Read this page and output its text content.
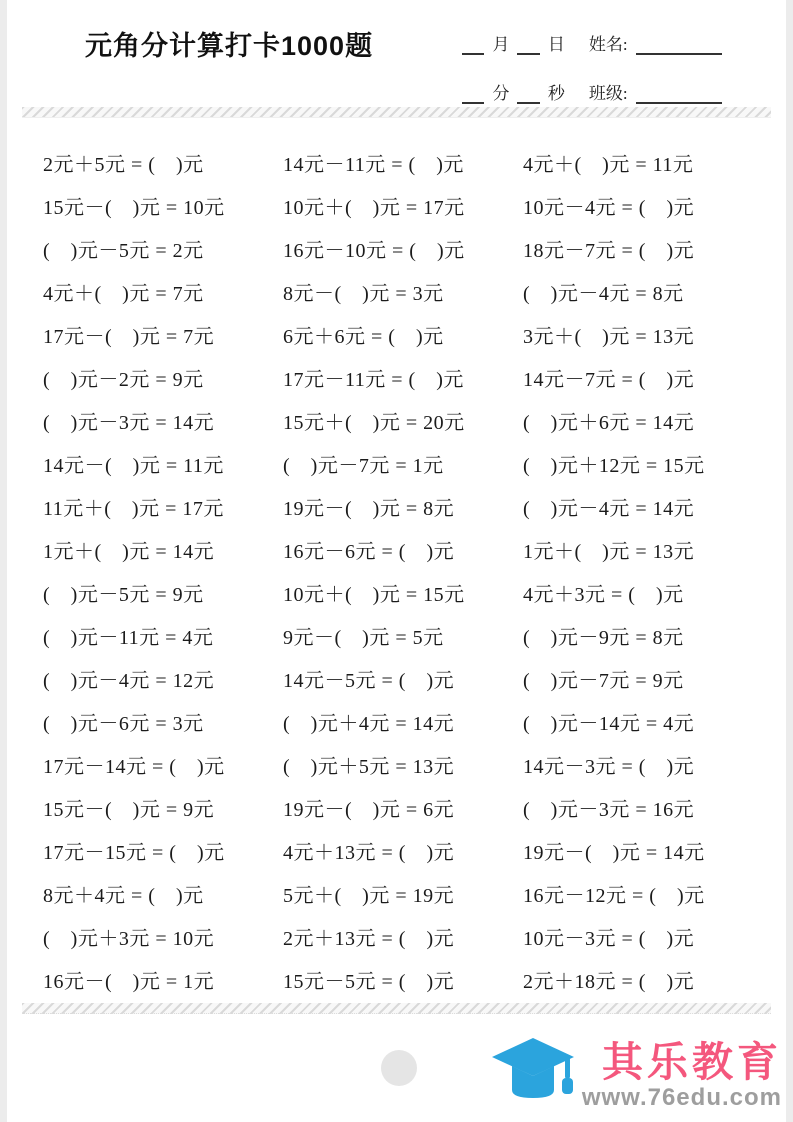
元角分计算打卡1000题	月 日 姓名:
分 秒 班级:
2元＋5元 = (　)元
15元－(　)元 = 10元
(　)元－5元 = 2元
4元＋(　)元 = 7元
17元－(　)元 = 7元
(　)元－2元 = 9元
(　)元－3元 = 14元
14元－(　)元 = 11元
11元＋(　)元 = 17元
1元＋(　)元 = 14元
(　)元－5元 = 9元
(　)元－11元 = 4元
(　)元－4元 = 12元
(　)元－6元 = 3元
17元－14元 = (　)元
15元－(　)元 = 9元
17元－15元 = (　)元
8元＋4元 = (　)元
(　)元＋3元 = 10元
16元－(　)元 = 1元
14元－11元 = (　)元
10元＋(　)元 = 17元
16元－10元 = (　)元
8元－(　)元 = 3元
6元＋6元 = (　)元
17元－11元 = (　)元
15元＋(　)元 = 20元
(　)元－7元 = 1元
19元－(　)元 = 8元
16元－6元 = (　)元
10元＋(　)元 = 15元
9元－(　)元 = 5元
14元－5元 = (　)元
(　)元＋4元 = 14元
(　)元＋5元 = 13元
19元－(　)元 = 6元
4元＋13元 = (　)元
5元＋(　)元 = 19元
2元＋13元 = (　)元
15元－5元 = (　)元
4元＋(　)元 = 11元
10元－4元 = (　)元
18元－7元 = (　)元
(　)元－4元 = 8元
3元＋(　)元 = 13元
14元－7元 = (　)元
(　)元＋6元 = 14元
(　)元＋12元 = 15元
(　)元－4元 = 14元
1元＋(　)元 = 13元
4元＋3元 = (　)元
(　)元－9元 = 8元
(　)元－7元 = 9元
(　)元－14元 = 4元
14元－3元 = (　)元
(　)元－3元 = 16元
19元－(　)元 = 14元
16元－12元 = (　)元
10元－3元 = (　)元
2元＋18元 = (　)元
其乐教育
www.76edu.com
